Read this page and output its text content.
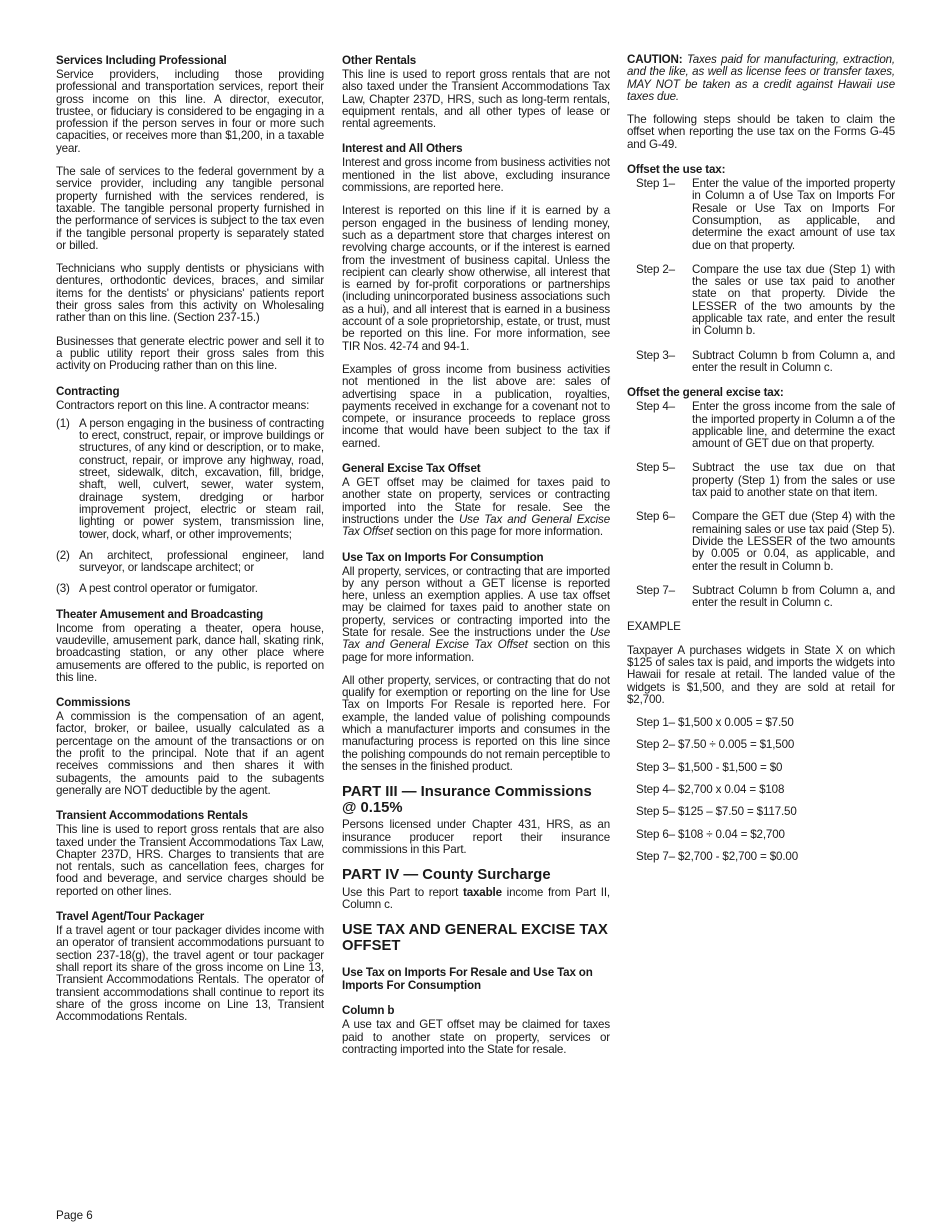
Services Including Professional

Service providers, including those providing professional and transportation services, report their gross income on this line. A director, executor, trustee, or fiduciary is considered to be engaging in a profession if the person serves in four or more such capacities, or receives more than $1,200, in a taxable year.

The sale of services to the federal government by a service provider, including any tangible personal property furnished with the services rendered, is taxable. The tangible personal property furnished in the performance of services is subject to the tax even if the tangible personal property is separately stated or billed.

Technicians who supply dentists or physicians with dentures, orthodontic devices, braces, and similar items for the dentists' or physicians' patients report their gross sales from this activity on Wholesaling rather than on this line. (Section 237-15.)

Businesses that generate electric power and sell it to a public utility report their gross sales from this activity on Producing rather than on this line.

Contracting

Contractors report on this line. A contractor means:

(1) A person engaging in the business of contracting to erect, construct, repair, or improve buildings or structures, of any kind or description, or to make, construct, repair, or improve any highway, road, street, sidewalk, ditch, excavation, fill, bridge, shaft, well, culvert, sewer, water system, drainage system, dredging or harbor improvement project, electric or steam rail, lighting or power system, transmission line, tower, dock, wharf, or other improvements;
(2) An architect, professional engineer, land surveyor, or landscape architect; or
(3) A pest control operator or fumigator.
Theater Amusement and Broadcasting

Income from operating a theater, opera house, vaudeville, amusement park, dance hall, skating rink, broadcasting station, or any other place where amusements are offered to the public, is reported on this line.

Commissions

A commission is the compensation of an agent, factor, broker, or bailee, usually calculated as a percentage on the amount of the transactions or on the profit to the principal. Note that if an agent receives commissions and then shares it with subagents, the amounts paid to the subagents generally are NOT deductible by the agent.

Transient Accommodations Rentals

This line is used to report gross rentals that are also taxed under the Transient Accommodations Tax Law, Chapter 237D, HRS. Charges to transients that are not rentals, such as cancellation fees, charges for food and beverage, and service charges should be reported on other lines.

Travel Agent/Tour Packager

If a travel agent or tour packager divides income with an operator of transient accommodations pursuant to section 237-18(g), the travel agent or tour packager shall report its share of the gross income on Line 13, Transient Accommodations Rentals. The operator of transient accommodations shall continue to report its share of the gross income on Line 13, Transient Accommodations Rentals.

Other Rentals

This line is used to report gross rentals that are not also taxed under the Transient Accommodations Tax Law, Chapter 237D, HRS, such as long-term rentals, equipment rentals, and all other types of lease or rental agreements.

Interest and All Others

Interest and gross income from business activities not mentioned in the list above, excluding insurance commissions, are reported here.

Interest is reported on this line if it is earned by a person engaged in the business of lending money, such as a department store that charges interest on revolving charge accounts, or if the interest is earned from the investment of business capital. Unless the recipient can clearly show otherwise, all interest that is earned by for-profit corporations or partnerships (including unincorporated business associations such as a hui), and all interest that is earned in a business account of a sole proprietorship, estate, or trust, must be reported on this line. For more information, see TIR Nos. 42-74 and 94-1.

Examples of gross income from business activities not mentioned in the list above are: sales of advertising space in a publication, royalties, payments received in exchange for a covenant not to compete, or insurance proceeds to replace gross income that would have been subject to the tax if earned.

General Excise Tax Offset

A GET offset may be claimed for taxes paid to another state on property, services or contracting imported into the State for resale. See the instructions under the Use Tax and General Excise Tax Offset section on this page for more information.

Use Tax on Imports For Consumption

All property, services, or contracting that are imported by any person without a GET license is reported here, unless an exemption applies. A use tax offset may be claimed for taxes paid to another state on property, services or contracting imported into the State for resale. See the instructions under the Use Tax and General Excise Tax Offset section on this page for more information.

All other property, services, or contracting that do not qualify for exemption or reporting on the line for Use Tax on Imports For Resale is reported here. For example, the landed value of polishing compounds which a manufacturer imports and consumes in the manufacturing process is reported on this line since the polishing compounds do not remain perceptible to the senses in the finished product.

PART III — Insurance Commissions @ 0.15%

Persons licensed under Chapter 431, HRS, as an insurance producer report their insurance commissions in this Part.

PART IV — County Surcharge

Use this Part to report taxable income from Part II, Column c.

USE TAX AND GENERAL EXCISE TAX OFFSET
Use Tax on Imports For Resale and Use Tax on Imports For Consumption
Column b

A use tax and GET offset may be claimed for taxes paid to another state on property, services or contracting imported into the State for resale.

CAUTION: Taxes paid for manufacturing, extraction, and the like, as well as license fees or transfer taxes, MAY NOT be taken as a credit against Hawaii use taxes due.

The following steps should be taken to claim the offset when reporting the use tax on the Forms G-45 and G-49.

Offset the use tax:
Step 1–	Enter the value of the imported property in Column a of Use Tax on Imports For Resale or Use Tax on Imports For Consumption, as applicable, and determine the exact amount of use tax due on that property.
Step 2–	Compare the use tax due (Step 1) with the sales or use tax paid to another state on that property. Divide the LESSER of the two amounts by the applicable tax rate, and enter the result in Column b.
Step 3–	Subtract Column b from Column a, and enter the result in Column c.
Offset the general excise tax:
Step 4–	Enter the gross income from the sale of the imported property in Column a of the applicable line, and determine the exact amount of GET due on that property.
Step 5–	Subtract the use tax due on that property (Step 1) from the sales or use tax paid to another state on that item.
Step 6–	Compare the GET due (Step 4) with the remaining sales or use tax paid (Step 5). Divide the LESSER of the two amounts by 0.005 or 0.04, as applicable, and enter the result in Column b.
Step 7–	Subtract Column b from Column a, and enter the result in Column c.

EXAMPLE

Taxpayer A purchases widgets in State X on which $125 of sales tax is paid, and imports the widgets into Hawaii for resale at retail. The landed value of the widgets is $1,500, and they are sold at retail for $2,700.

Step 1– $1,500 x 0.005 = $7.50
Step 2– $7.50 ÷ 0.005 = $1,500
Step 3– $1,500 - $1,500 = $0
Step 4– $2,700 x 0.04 = $108
Step 5– $125 – $7.50 = $117.50
Step 6– $108 ÷ 0.04 = $2,700
Step 7– $2,700 - $2,700 = $0.00
Page 6
